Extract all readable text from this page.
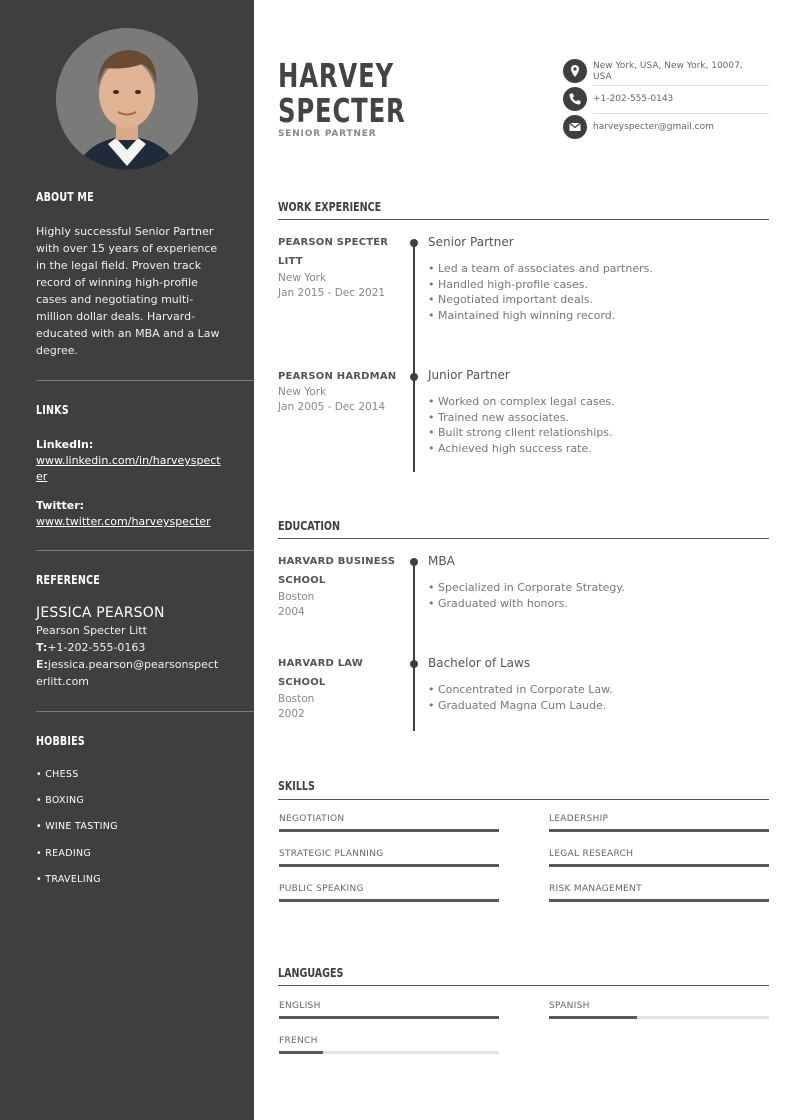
ABOUT ME
Highly successful Senior Partner with over 15 years of experience in the legal field. Proven track record of winning high-profile cases and negotiating multi-million dollar deals. Harvard-educated with an MBA and a Law degree.
LINKS
LinkedIn:
www.linkedin.com/in/harveyspecter
Twitter:
www.twitter.com/harveyspecter
REFERENCE
JESSICA PEARSON
Pearson Specter Litt
T:+1-202-555-0163
E:jessica.pearson@pearsonspecterlitt.com
HOBBIES
• CHESS
• BOXING
• WINE TASTING
• READING
• TRAVELING
HARVEY
SPECTER
SENIOR PARTNER
New York, USA, New York, 10007, USA
+1-202-555-0143
harveyspecter@gmail.com
WORK EXPERIENCE
PEARSON SPECTER LITT
New York
Jan 2015 - Dec 2021
Senior Partner
• Led a team of associates and partners.
• Handled high-profile cases.
• Negotiated important deals.
• Maintained high winning record.
PEARSON HARDMAN
New York
Jan 2005 - Dec 2014
Junior Partner
• Worked on complex legal cases.
• Trained new associates.
• Built strong client relationships.
• Achieved high success rate.
EDUCATION
HARVARD BUSINESS SCHOOL
Boston
2004
MBA
• Specialized in Corporate Strategy.
• Graduated with honors.
HARVARD LAW SCHOOL
Boston
2002
Bachelor of Laws
• Concentrated in Corporate Law.
• Graduated Magna Cum Laude.
SKILLS
NEGOTIATION	LEADERSHIP
STRATEGIC PLANNING	LEGAL RESEARCH
PUBLIC SPEAKING	RISK MANAGEMENT
LANGUAGES
ENGLISH	SPANISH
FRENCH
